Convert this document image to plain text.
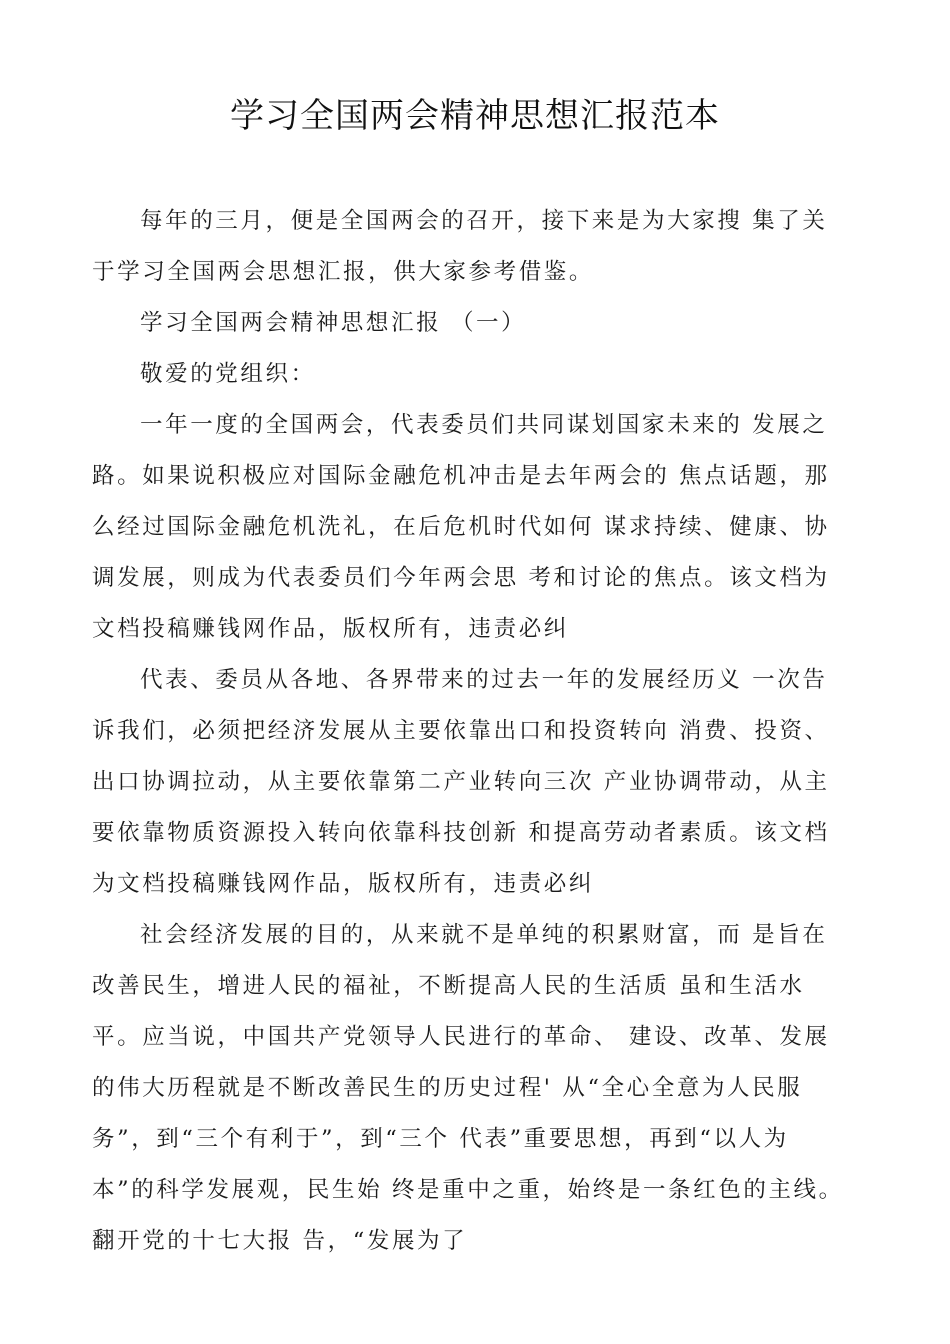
学习全国两会精神思想汇报范本

每年的三月，便是全国两会的召开，接下来是为大家搜 集了关于学习全国两会思想汇报，供大家参考借鉴。

学习全国两会精神思想汇报 （一）

敬爱的党组织：

一年一度的全国两会，代表委员们共同谋划国家未来的 发展之路。如果说积极应对国际金融危机冲击是去年两会的 焦点话题，那么经过国际金融危机洗礼，在后危机时代如何 谋求持续、健康、协调发展，则成为代表委员们今年两会思 考和讨论的焦点。该文档为文档投稿赚钱网作品，版权所有，违责必纠

代表、委员从各地、各界带来的过去一年的发展经历义 一次告诉我们，必须把经济发展从主要依靠出口和投资转向 消费、投资、出口协调拉动，从主要依靠第二产业转向三次 产业协调带动，从主要依靠物质资源投入转向依靠科技创新 和提高劳动者素质。该文档为文档投稿赚钱网作品，版权所有，违责必纠

社会经济发展的目的，从来就不是单纯的积累财富，而 是旨在改善民生，增进人民的福祉，不断提高人民的生活质 虽和生活水平。应当说，中国共产党领导人民进行的革命、 建设、改革、发展的伟大历程就是不断改善民生的历史过程' 从“全心全意为人民服务”，到“三个有利于”，到“三个 代表”重要思想，再到“以人为本”的科学发展观，民生始 终是重中之重，始终是一条红色的主线。翻开党的十七大报 告，“发展为了
